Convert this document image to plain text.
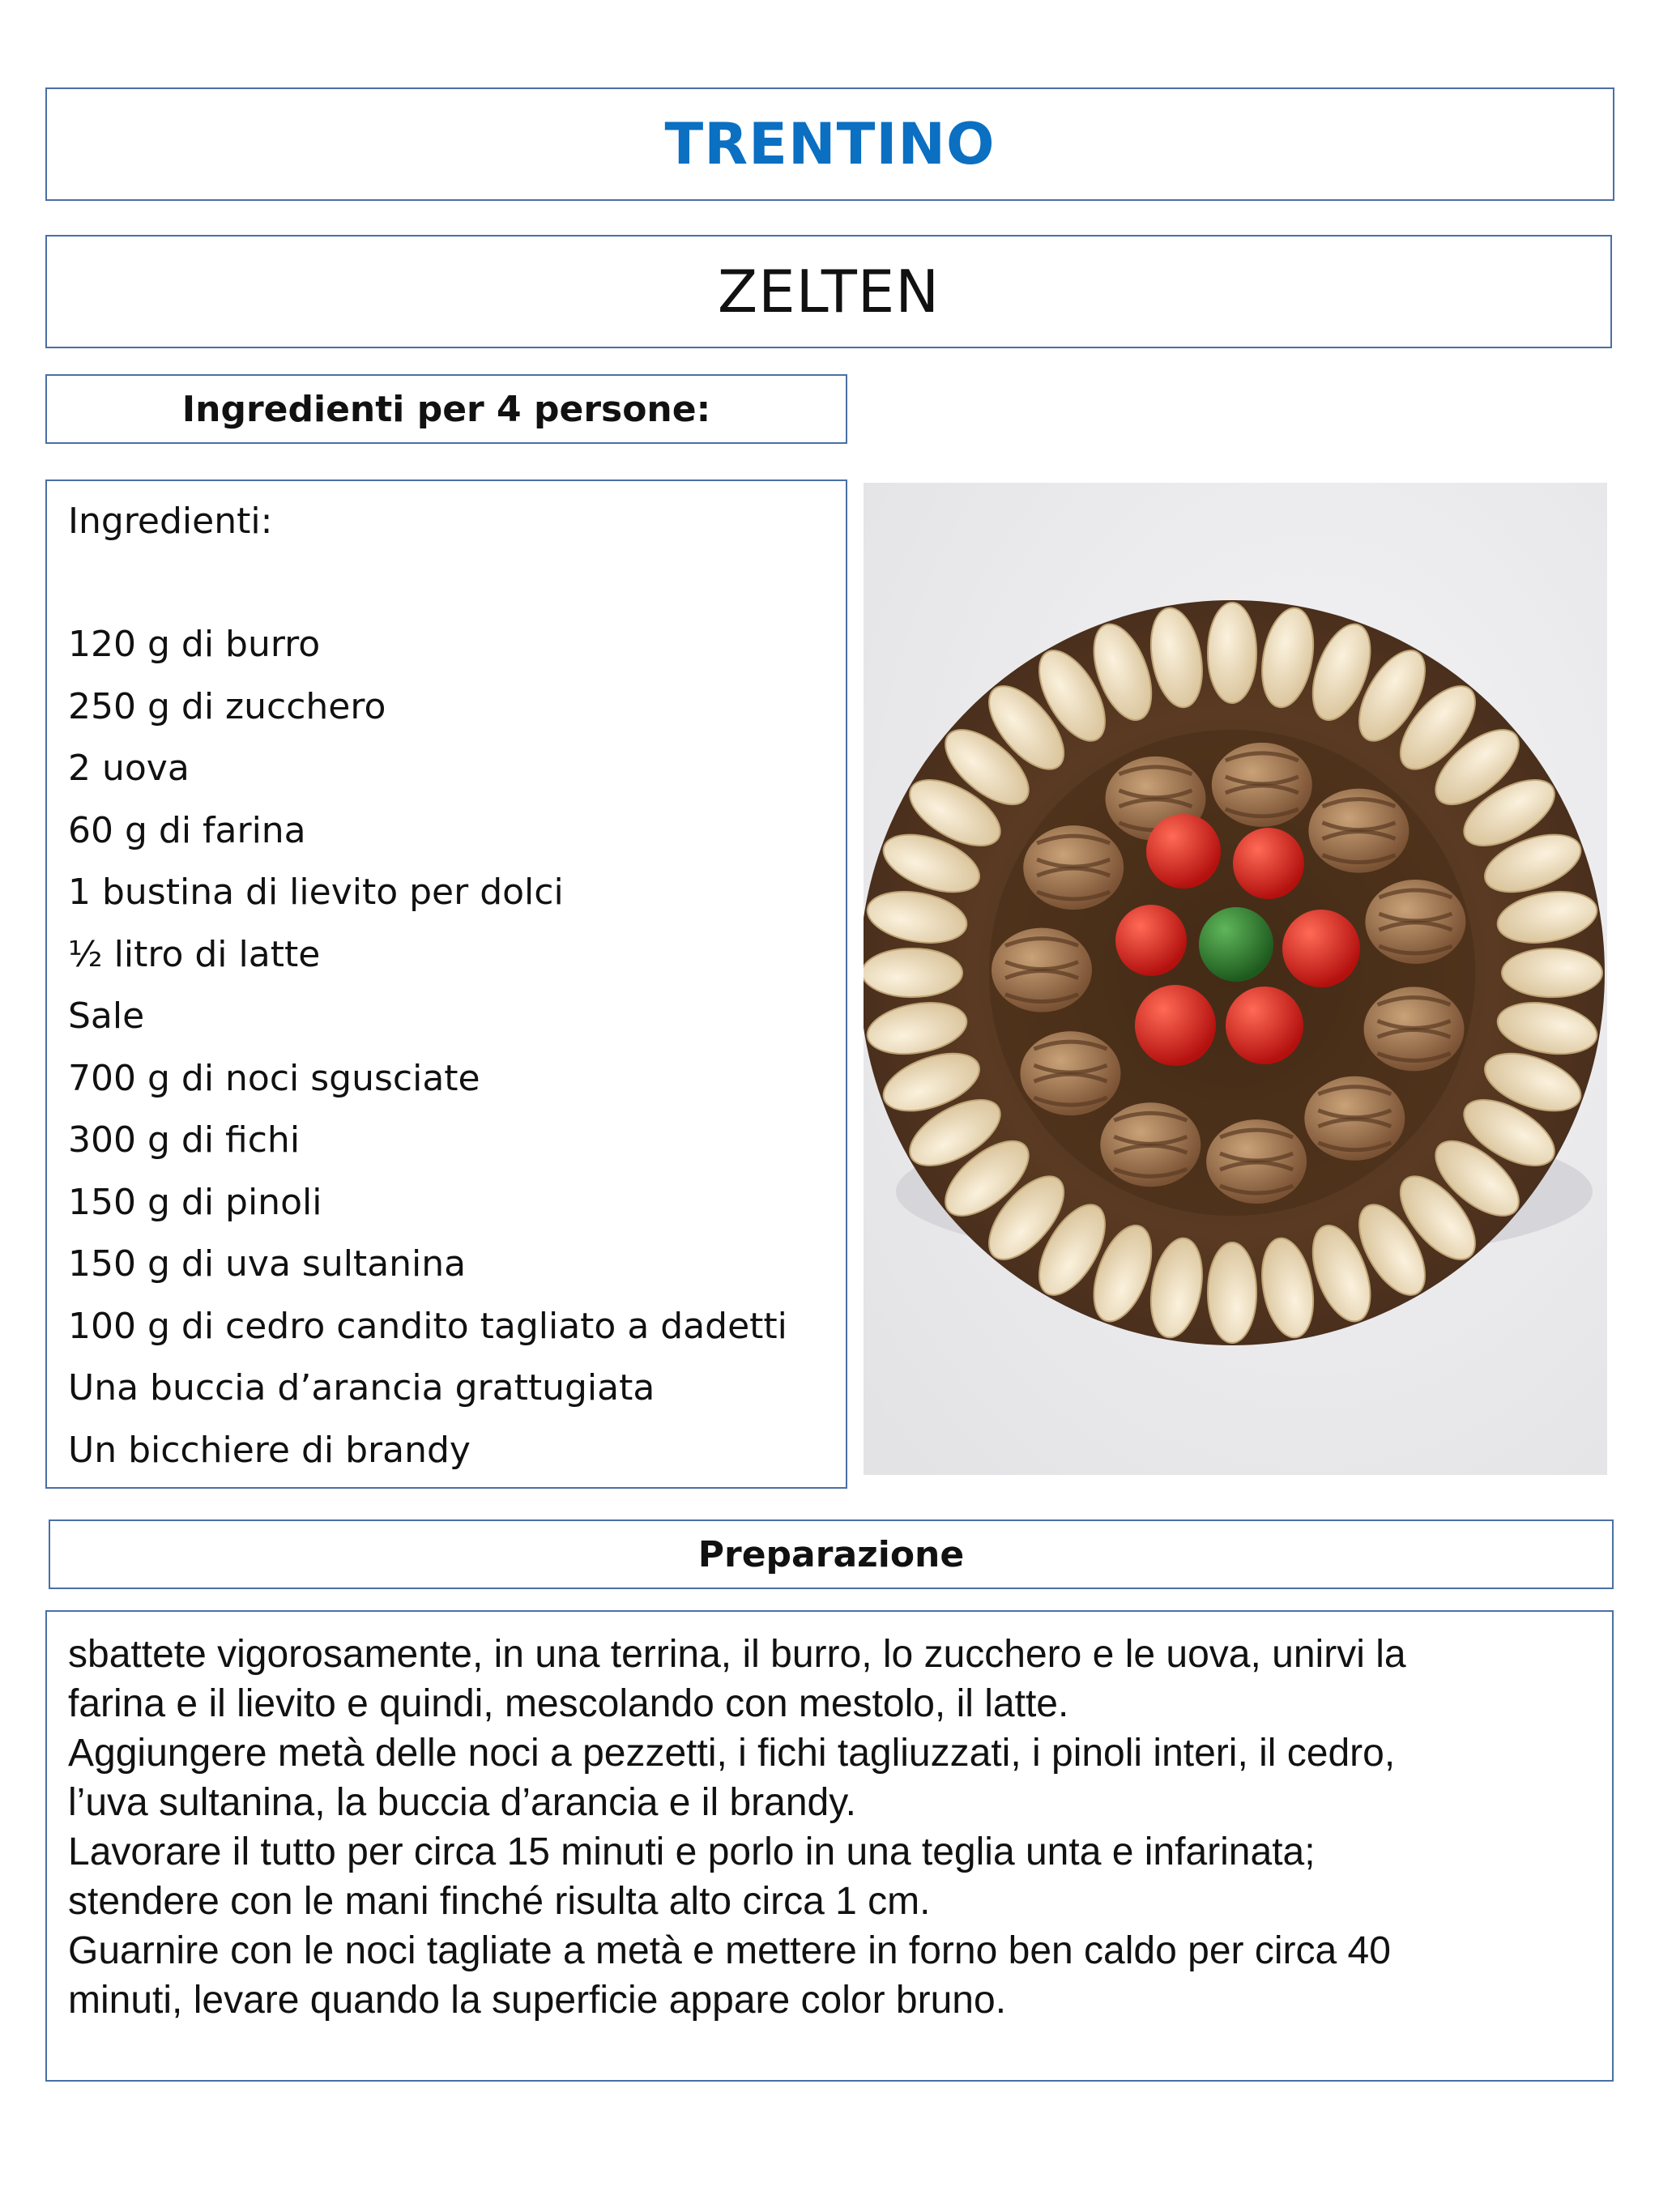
TRENTINO
ZELTEN
Ingredienti per 4 persone:
Ingredienti:
120 g di burro
250 g di zucchero
2 uova
60 g di farina
1 bustina di lievito per dolci
½ litro di latte
Sale
700 g di noci sgusciate
300 g di fichi
150 g di pinoli
150 g di uva sultanina
100 g di cedro candito tagliato a dadetti
Una buccia d’arancia grattugiata
Un bicchiere di brandy
Preparazione
sbattete vigorosamente, in una terrina, il burro, lo zucchero e le uova, unirvi la
farina e il lievito e quindi, mescolando con mestolo, il latte.
Aggiungere metà delle noci a pezzetti, i fichi tagliuzzati, i pinoli interi, il cedro,
l’uva sultanina, la buccia d’arancia e il brandy.
Lavorare il tutto per circa 15 minuti e porlo in una teglia unta e infarinata;
stendere con le mani finché risulta alto circa 1 cm.
Guarnire con le noci tagliate a metà e mettere in forno ben caldo per circa 40
minuti, levare quando la superficie appare color bruno.
